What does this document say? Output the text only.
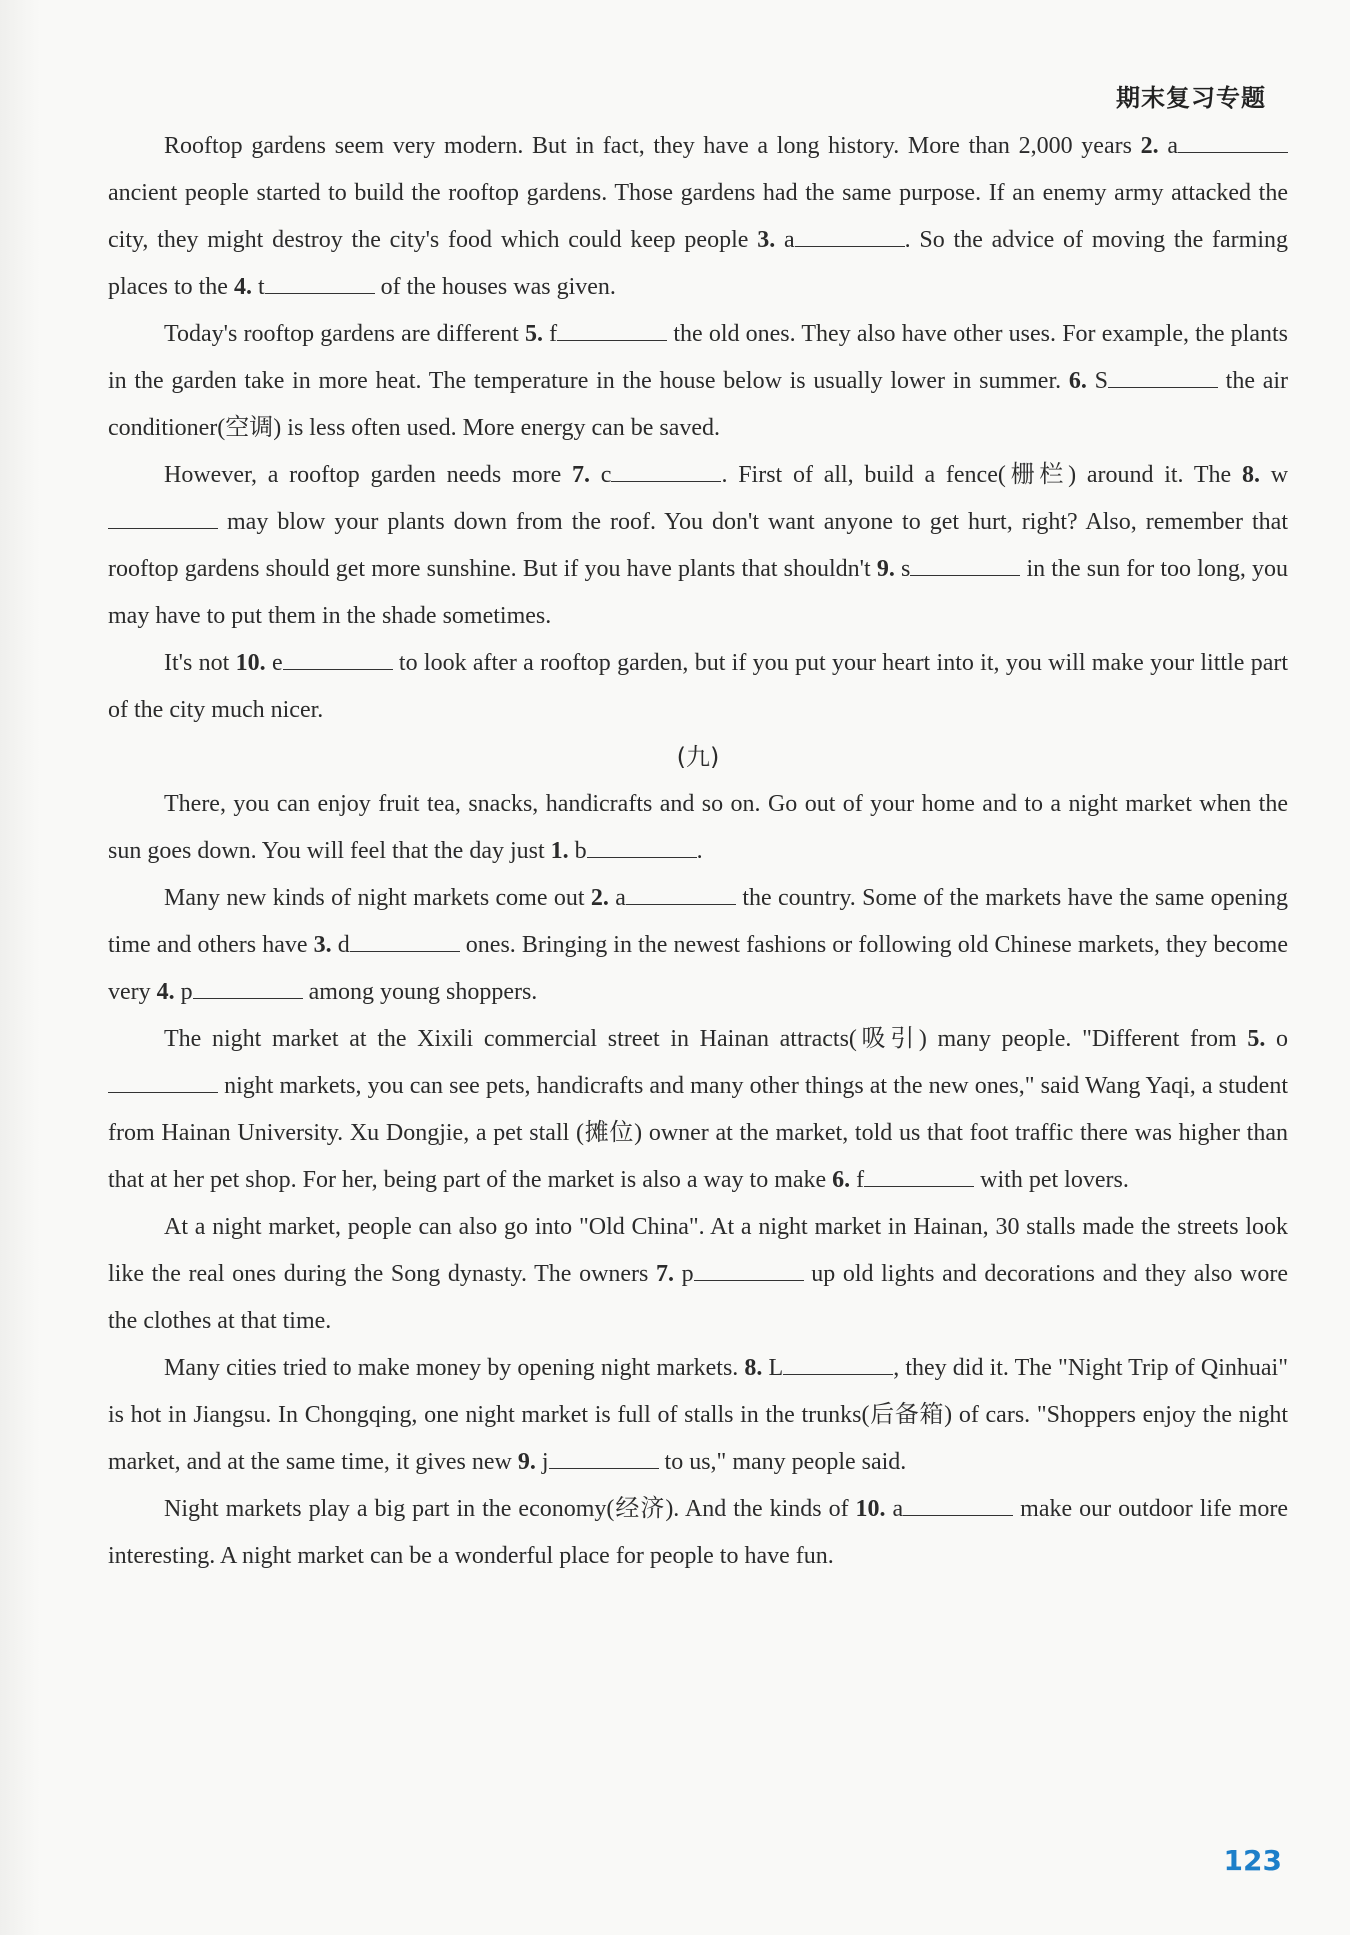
期末复习专题

Rooftop gardens seem very modern. But in fact, they have a long history. More than 2,000 years 2. a ancient people started to build the rooftop gardens. Those gardens had the same purpose. If an enemy army attacked the city, they might destroy the city's food which could keep people 3. a	. So the advice of moving the farming places to the 4. t	of the houses was given.

Today's rooftop gardens are different 5. f	the old ones. They also have other uses. For example, the plants in the garden take in more heat. The temperature in the house below is usually lower in summer. 6. S	the air conditioner(空调) is less often used. More energy can be saved.

However, a rooftop garden needs more 7. c	. First of all, build a fence(栅栏) around it. The 8. w may blow your plants down from the roof. You don't want anyone to get hurt, right? Also, remember that rooftop gardens should get more sunshine. But if you have plants that shouldn't 9. s	in the sun for too long, you may have to put them in the shade sometimes.

It's not 10. e	to look after a rooftop garden, but if you put your heart into it, you will make your little part of the city much nicer.

(九)

There, you can enjoy fruit tea, snacks, handicrafts and so on. Go out of your home and to a night market when the sun goes down. You will feel that the day just 1. b	.

Many new kinds of night markets come out 2. a	the country. Some of the markets have the same opening time and others have 3. d	ones. Bringing in the newest fashions or following old Chinese markets, they become very 4. p	among young shoppers.

The night market at the Xixili commercial street in Hainan attracts(吸引) many people. "Different from 5. o night markets, you can see pets, handicrafts and many other things at the new ones," said Wang Yaqi, a student from Hainan University. Xu Dongjie, a pet stall (摊位) owner at the market, told us that foot traffic there was higher than that at her pet shop. For her, being part of the market is also a way to make 6. f	with pet lovers.

At a night market, people can also go into "Old China". At a night market in Hainan, 30 stalls made the streets look like the real ones during the Song dynasty. The owners 7. p	up old lights and decorations and they also wore the clothes at that time.

Many cities tried to make money by opening night markets. 8. L	, they did it. The "Night Trip of Qinhuai" is hot in Jiangsu. In Chongqing, one night market is full of stalls in the trunks(后备箱) of cars. "Shoppers enjoy the night market, and at the same time, it gives new 9. j	to us," many people said.

Night markets play a big part in the economy(经济). And the kinds of 10. a	make our outdoor life more interesting. A night market can be a wonderful place for people to have fun.

123
